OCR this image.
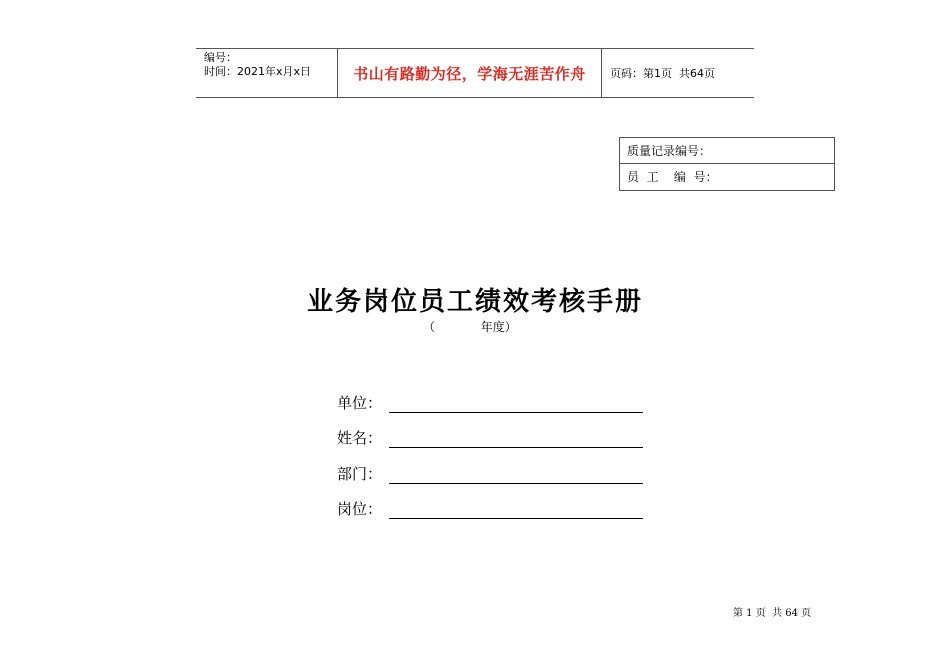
编号：
时间：2021年x月x日	书山有路勤为径，学海无涯苦作舟	页码：第1页  共64页
质量记录编号：
员  工    编  号：
业务岗位员工绩效考核手册
（            年度）
单位：
姓名：
部门：
岗位：
第 1 页  共 64 页
